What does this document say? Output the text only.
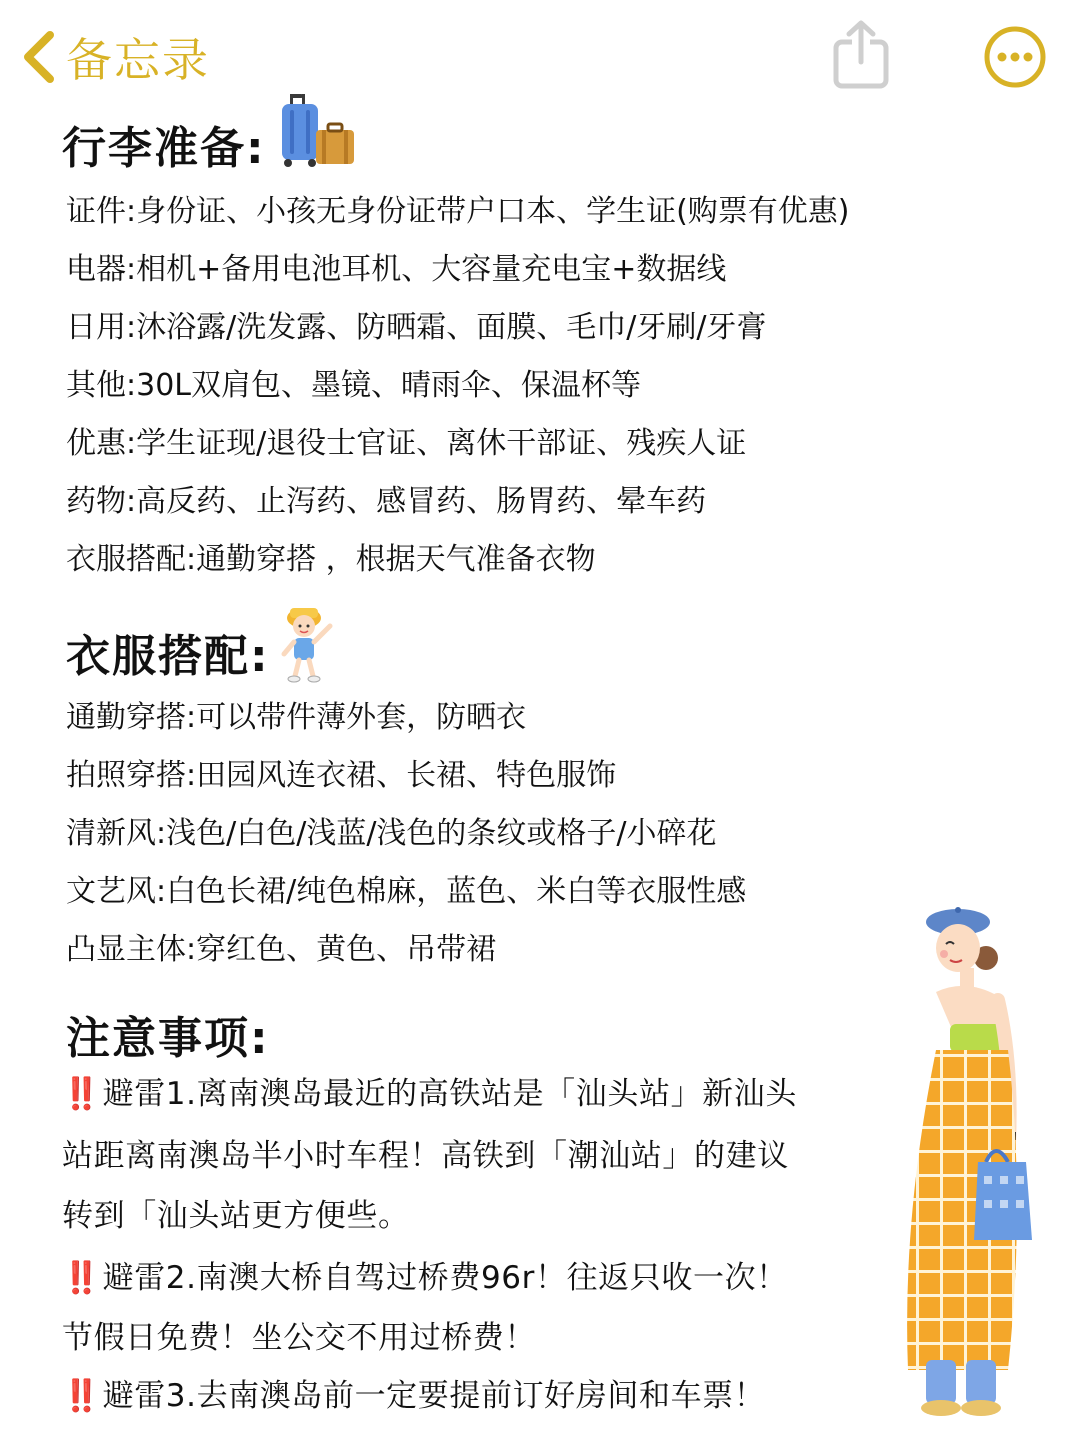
备忘录
行李准备:
证件:身份证、小孩无身份证带户口本、学生证(购票有优惠)
电器:相机+备用电池耳机、大容量充电宝+数据线
日用:沐浴露/洗发露、防晒霜、面膜、毛巾/牙刷/牙膏
其他:30L双肩包、墨镜、晴雨伞、保温杯等
优惠:学生证现/退役士官证、离休干部证、残疾人证
药物:高反药、止泻药、感冒药、肠胃药、晕车药
衣服搭配:通勤穿搭 ，根据天气准备衣物
衣服搭配:
通勤穿搭:可以带件薄外套，防晒衣
拍照穿搭:田园风连衣裙、长裙、特色服饰
清新风:浅色/白色/浅蓝/浅色的条纹或格子/小碎花
文艺风:白色长裙/纯色棉麻，蓝色、米白等衣服性感
凸显主体:穿红色、黄色、吊带裙
注意事项:
‼️ 避雷1.离南澳岛最近的高铁站是「汕头站」新汕头
站距离南澳岛半小时车程！高铁到「潮汕站」的建议
转到「汕头站更方便些。
‼️ 避雷2.南澳大桥自驾过桥费96r！往返只收一次！
节假日免费！坐公交不用过桥费！
‼️ 避雷3.去南澳岛前一定要提前订好房间和车票！
